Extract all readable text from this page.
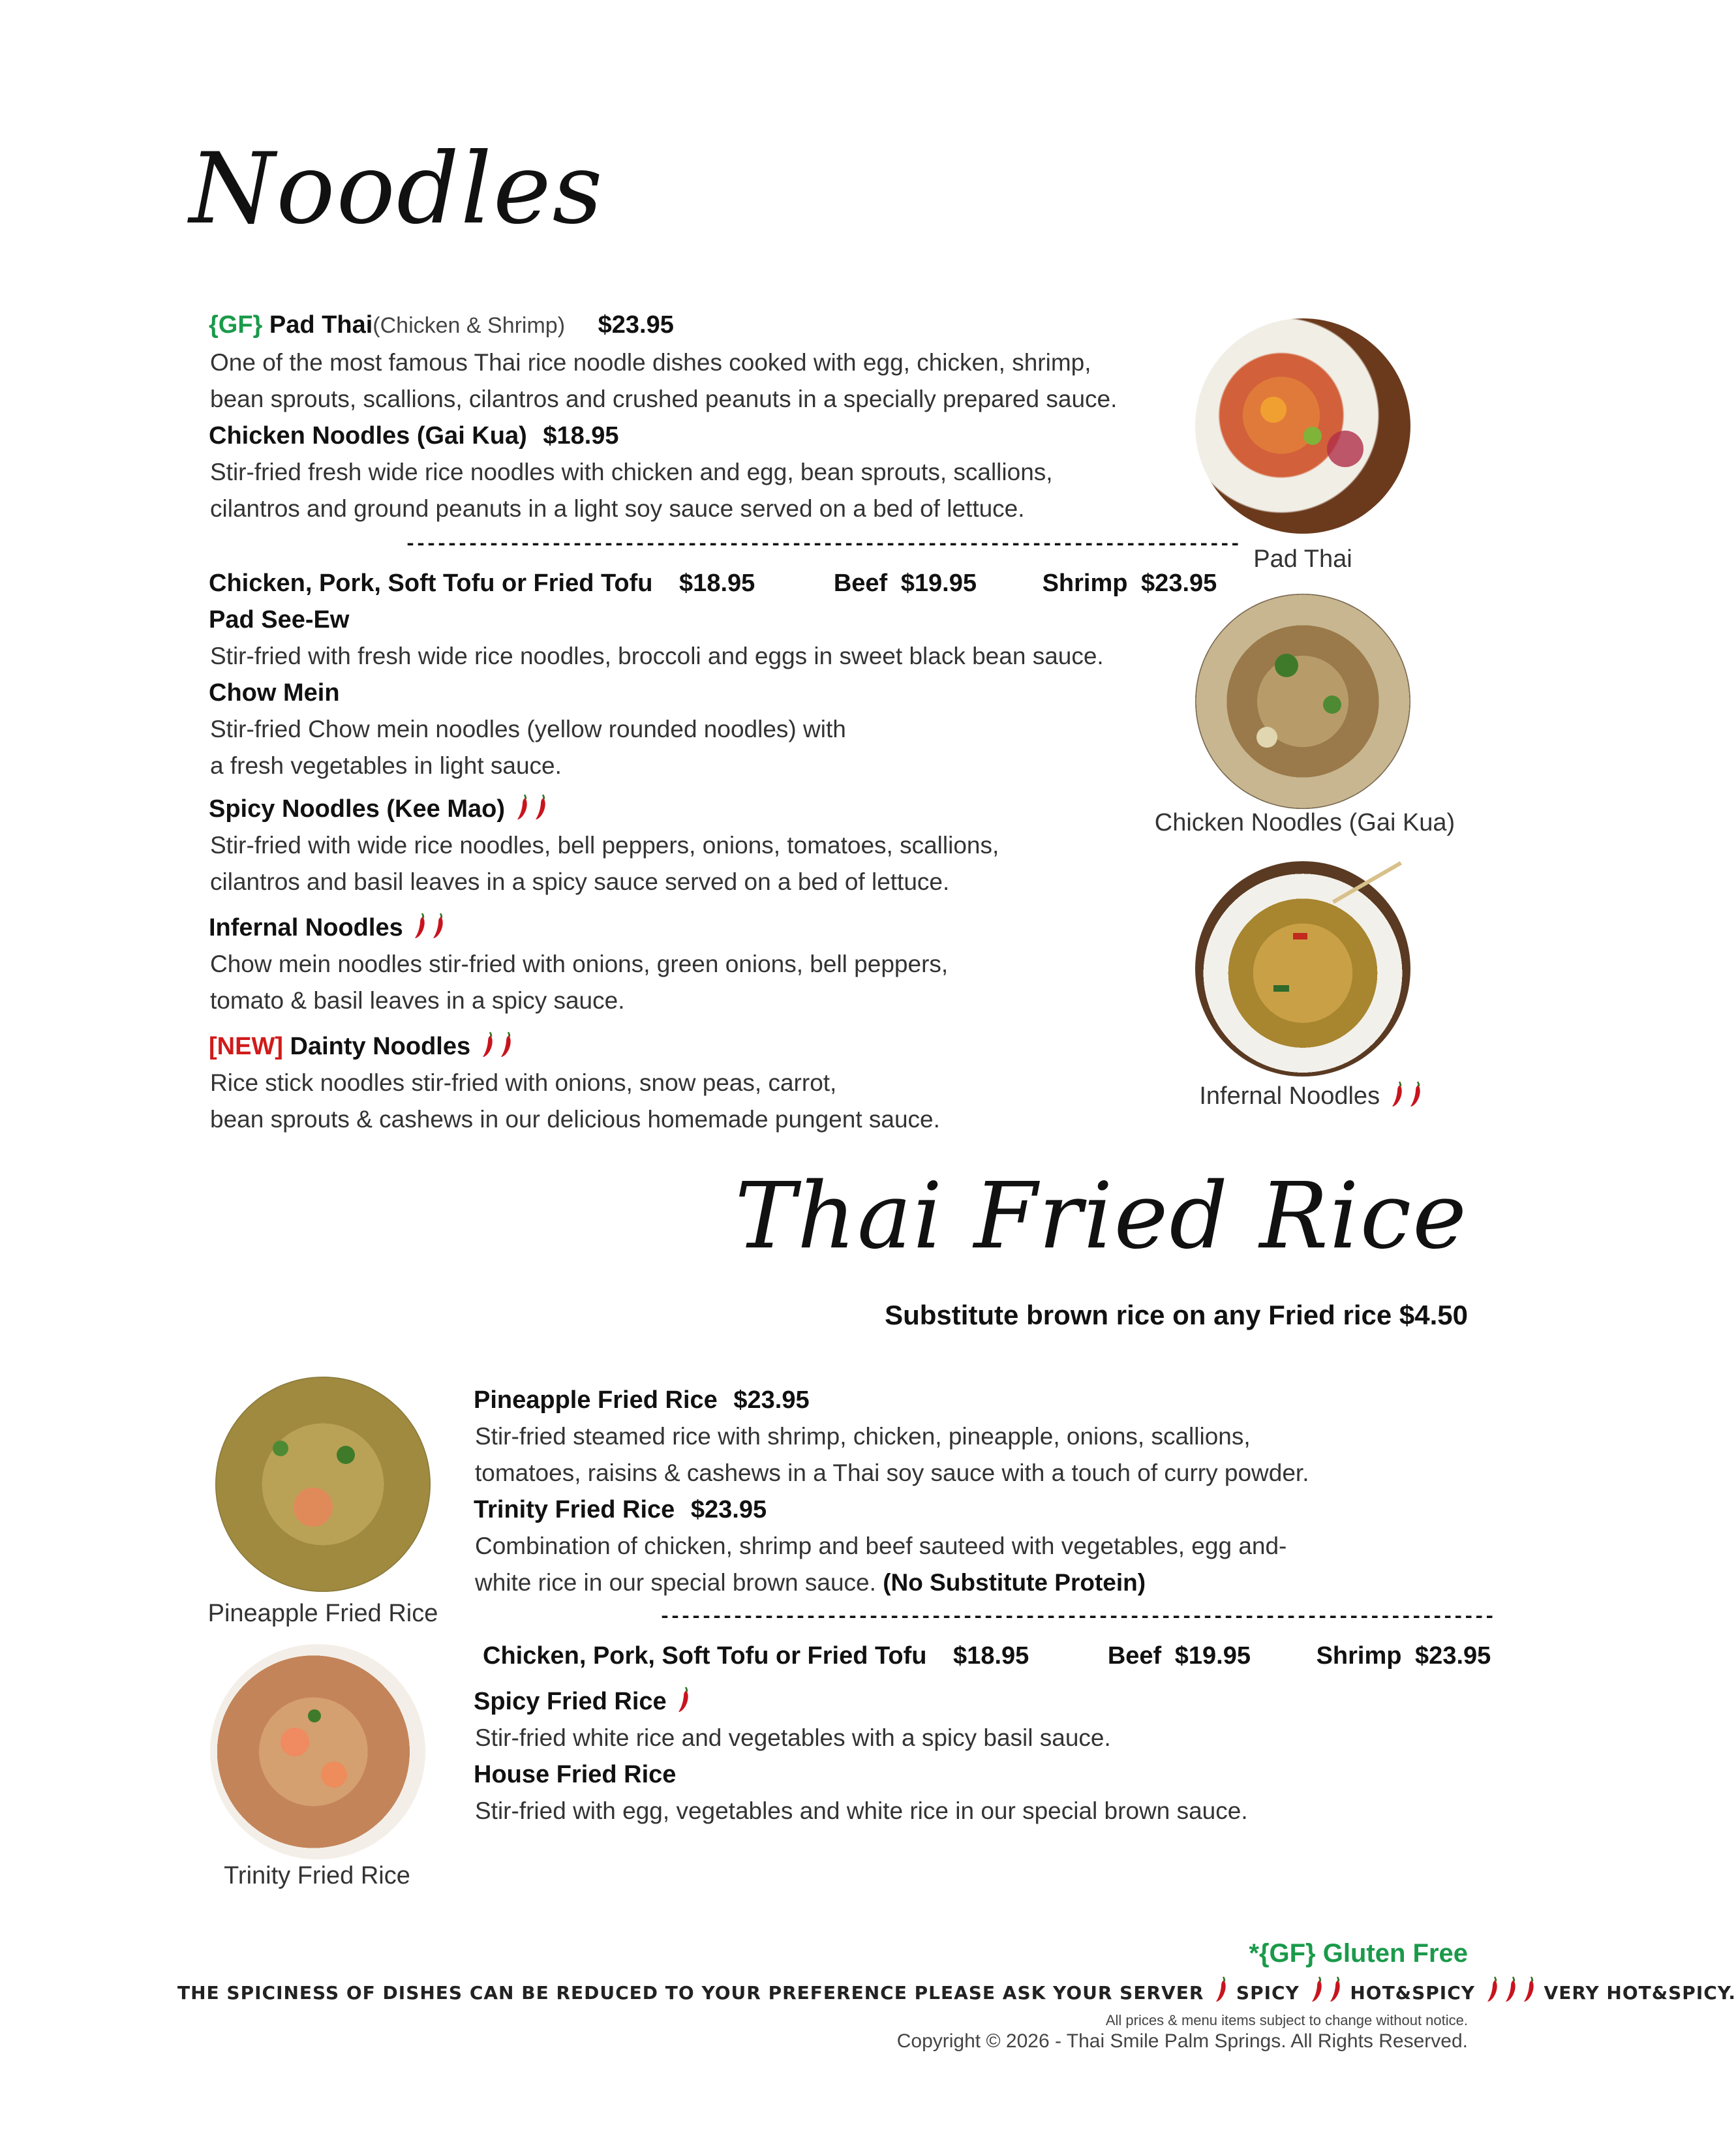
Noodles
{GF} Pad Thai(Chicken & Shrimp) $23.95
One of the most famous Thai rice noodle dishes cooked with egg, chicken, shrimp,
bean sprouts, scallions, cilantros and crushed peanuts in a specially prepared sauce.
Chicken Noodles (Gai Kua) $18.95
Stir-fried fresh wide rice noodles with chicken and egg, bean sprouts, scallions,
cilantros and ground peanuts in a light soy sauce served on a bed of lettuce.
--------------------------------------------------------------------------------
Chicken, Pork, Soft Tofu or Fried Tofu $18.95	Beef $19.95	Shrimp $23.95
Pad See-Ew
Stir-fried with fresh wide rice noodles, broccoli and eggs in sweet black bean sauce.
Chow Mein
Stir-fried Chow mein noodles (yellow rounded noodles) with
a fresh vegetables in light sauce.
Spicy Noodles (Kee Mao)
Stir-fried with wide rice noodles, bell peppers, onions, tomatoes, scallions,
cilantros and basil leaves in a spicy sauce served on a bed of lettuce.
Infernal Noodles
Chow mein noodles stir-fried with onions, green onions, bell peppers,
tomato & basil leaves in a spicy sauce.
[NEW] Dainty Noodles
Rice stick noodles stir-fried with onions, snow peas, carrot,
bean sprouts & cashews in our delicious homemade pungent sauce.
Pad Thai
Chicken Noodles (Gai Kua)
Infernal Noodles
Thai Fried Rice
Substitute brown rice on any Fried rice $4.50
Pineapple Fried Rice $23.95
Stir-fried steamed rice with shrimp, chicken, pineapple, onions, scallions,
tomatoes, raisins & cashews in a Thai soy sauce with a touch of curry powder.
Trinity Fried Rice $23.95
Combination of chicken, shrimp and beef sauteed with vegetables, egg and-
white rice in our special brown sauce. (No Substitute Protein)
--------------------------------------------------------------------------------
Chicken, Pork, Soft Tofu or Fried Tofu $18.95	Beef $19.95	Shrimp $23.95
Spicy Fried Rice
Stir-fried white rice and vegetables with a spicy basil sauce.
House Fried Rice
Stir-fried with egg, vegetables and white rice in our special brown sauce.
Pineapple Fried Rice
Trinity Fried Rice
*{GF} Gluten Free
THE SPICINESS OF DISHES CAN BE REDUCED TO YOUR PREFERENCE PLEASE ASK YOUR SERVER SPICY	HOT&SPICY	VERY HOT&SPICY.
All prices & menu items subject to change without notice.
Copyright © 2026 - Thai Smile Palm Springs. All Rights Reserved.
